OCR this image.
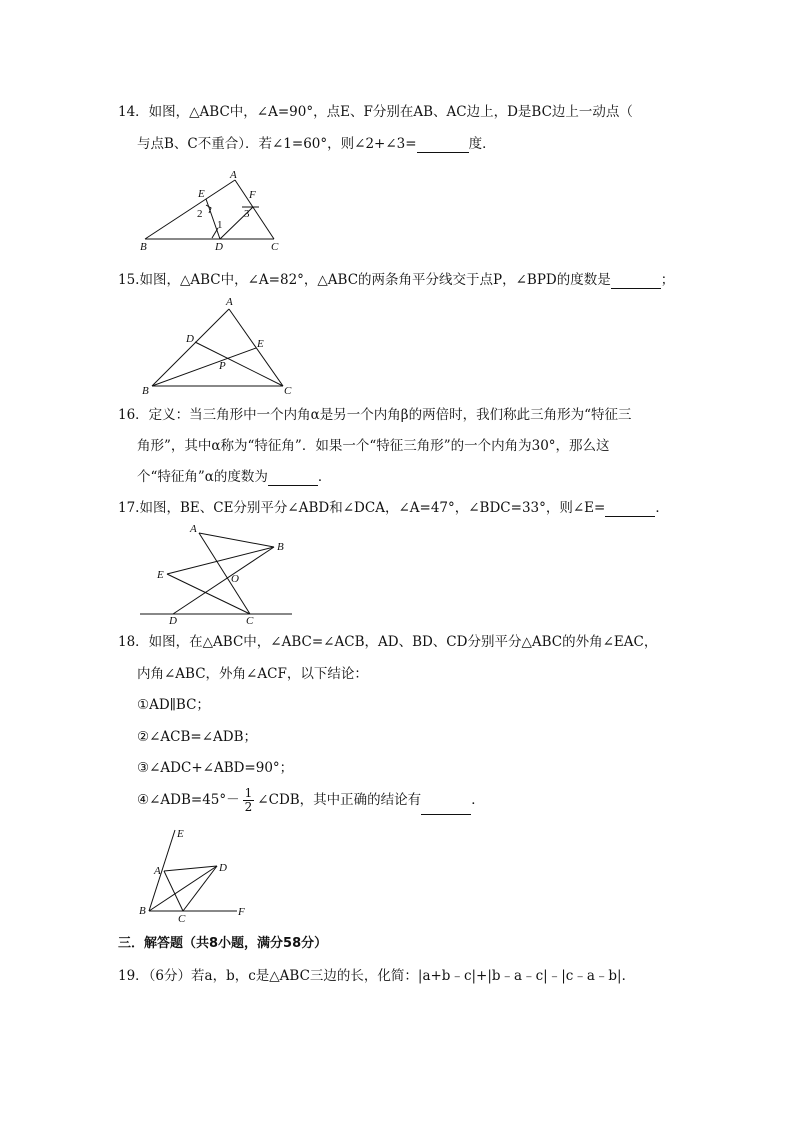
14．如图，△ABC中，∠A=90°，点E、F分别在AB、AC边上，D是BC边上一动点（
与点B、C不重合）．若∠1=60°，则∠2+∠3=	度．
A
E	F
2	3
1
B	D	C
15.如图，△ABC中，∠A=82°，△ABC的两条角平分线交于点P，∠BPD的度数是	；
A
D	E
P
B	C
16．定义：当三角形中一个内角α是另一个内角β的两倍时，我们称此三角形为“特征三
角形”，其中α称为“特征角”．如果一个“特征三角形”的一个内角为30°，那么这
个“特征角”α的度数为	．
17.如图，BE、CE分别平分∠ABD和∠DCA，∠A=47°，∠BDC=33°，则∠E=	．
A
B
E	O
D	C
18．如图，在△ABC中，∠ABC=∠ACB，AD、BD、CD分别平分△ABC的外角∠EAC，
内角∠ABC，外角∠ACF，以下结论：
①AD∥BC；
②∠ACB=∠ADB；
③∠ADC+∠ABD=90°；
④∠ADB=45°－ $\frac{1}{2}$ ∠CDB，其中正确的结论有	．
E
A	D
B
C
F
三．解答题（共8小题，满分58分）
19．（6分）若a，b，c是△ABC三边的长，化简：|a+b﹣c|+|b﹣a﹣c|﹣|c﹣a﹣b|．
